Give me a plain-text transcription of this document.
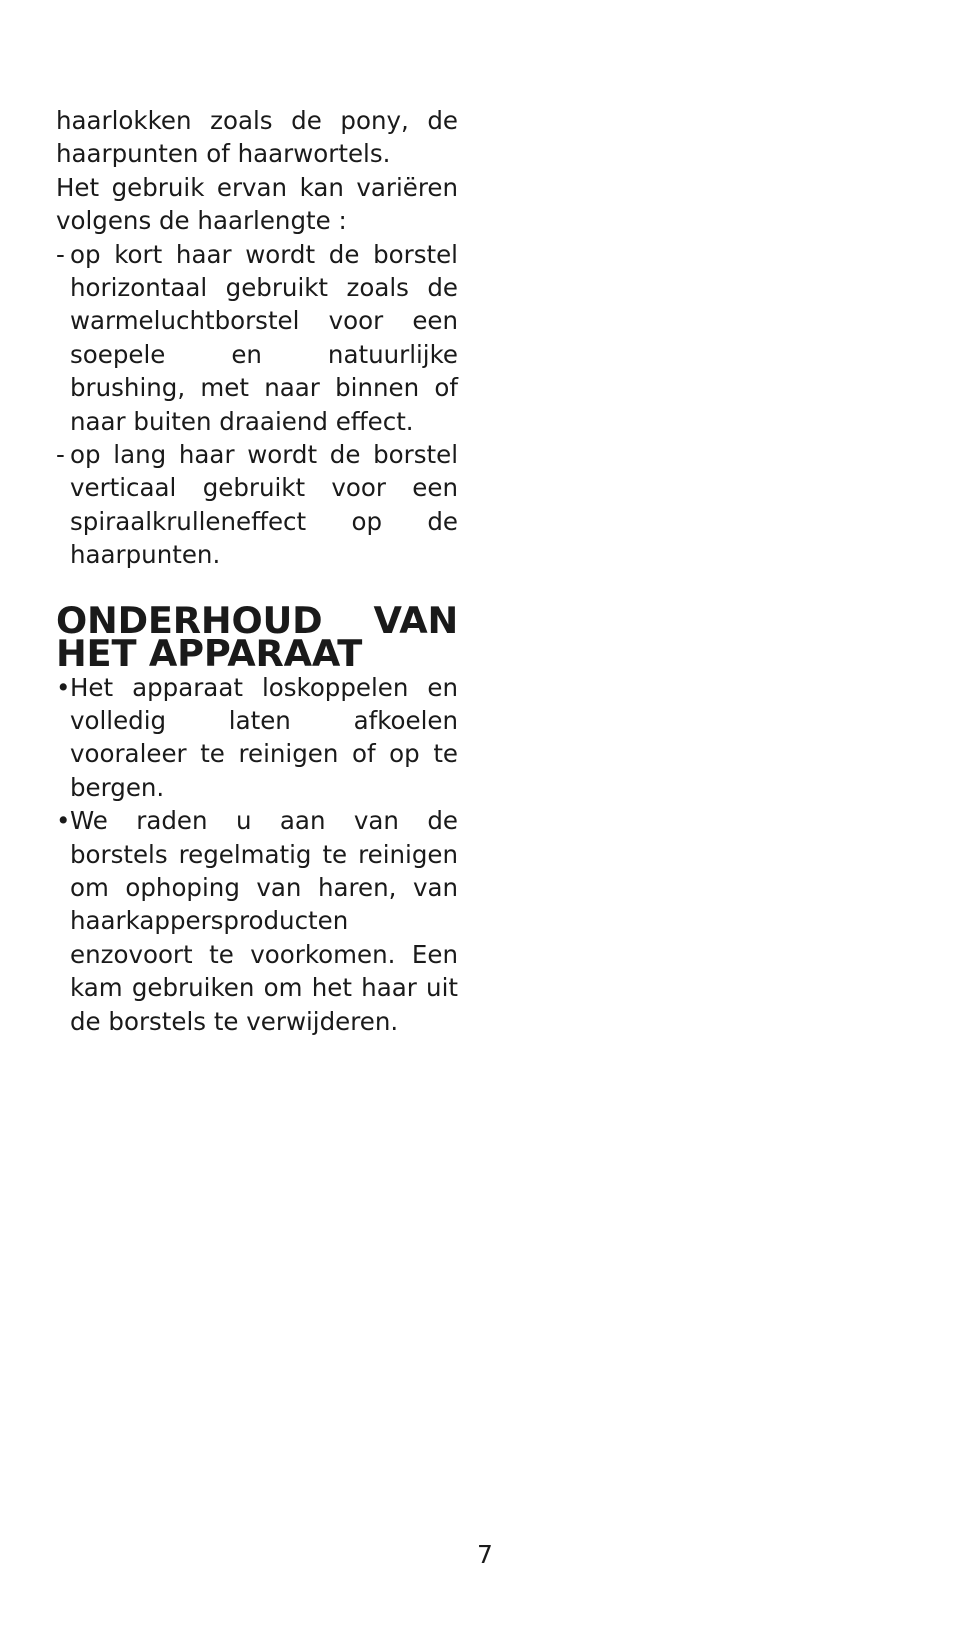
haarlokken zoals de pony, de haarpunten of haarwortels.

Het gebruik ervan kan variëren volgens de haarlengte :

- op kort haar wordt de borstel horizontaal gebruikt zoals de warmeluchtborstel voor een soepele en natuurlijke brushing, met naar binnen of naar buiten draaiend effect.
- op lang haar wordt de borstel verticaal gebruikt voor een spiraalkrulleneffect op de haarpunten.
ONDERHOUD VAN HET APPARAAT
• Het apparaat loskoppelen en volledig laten afkoelen vooraleer te reinigen of op te bergen.
• We raden u aan van de borstels regelmatig te reinigen om ophoping van haren, van haarkappersproducten enzovoort te voorkomen. Een kam gebruiken om het haar uit de borstels te verwijderen.
7
